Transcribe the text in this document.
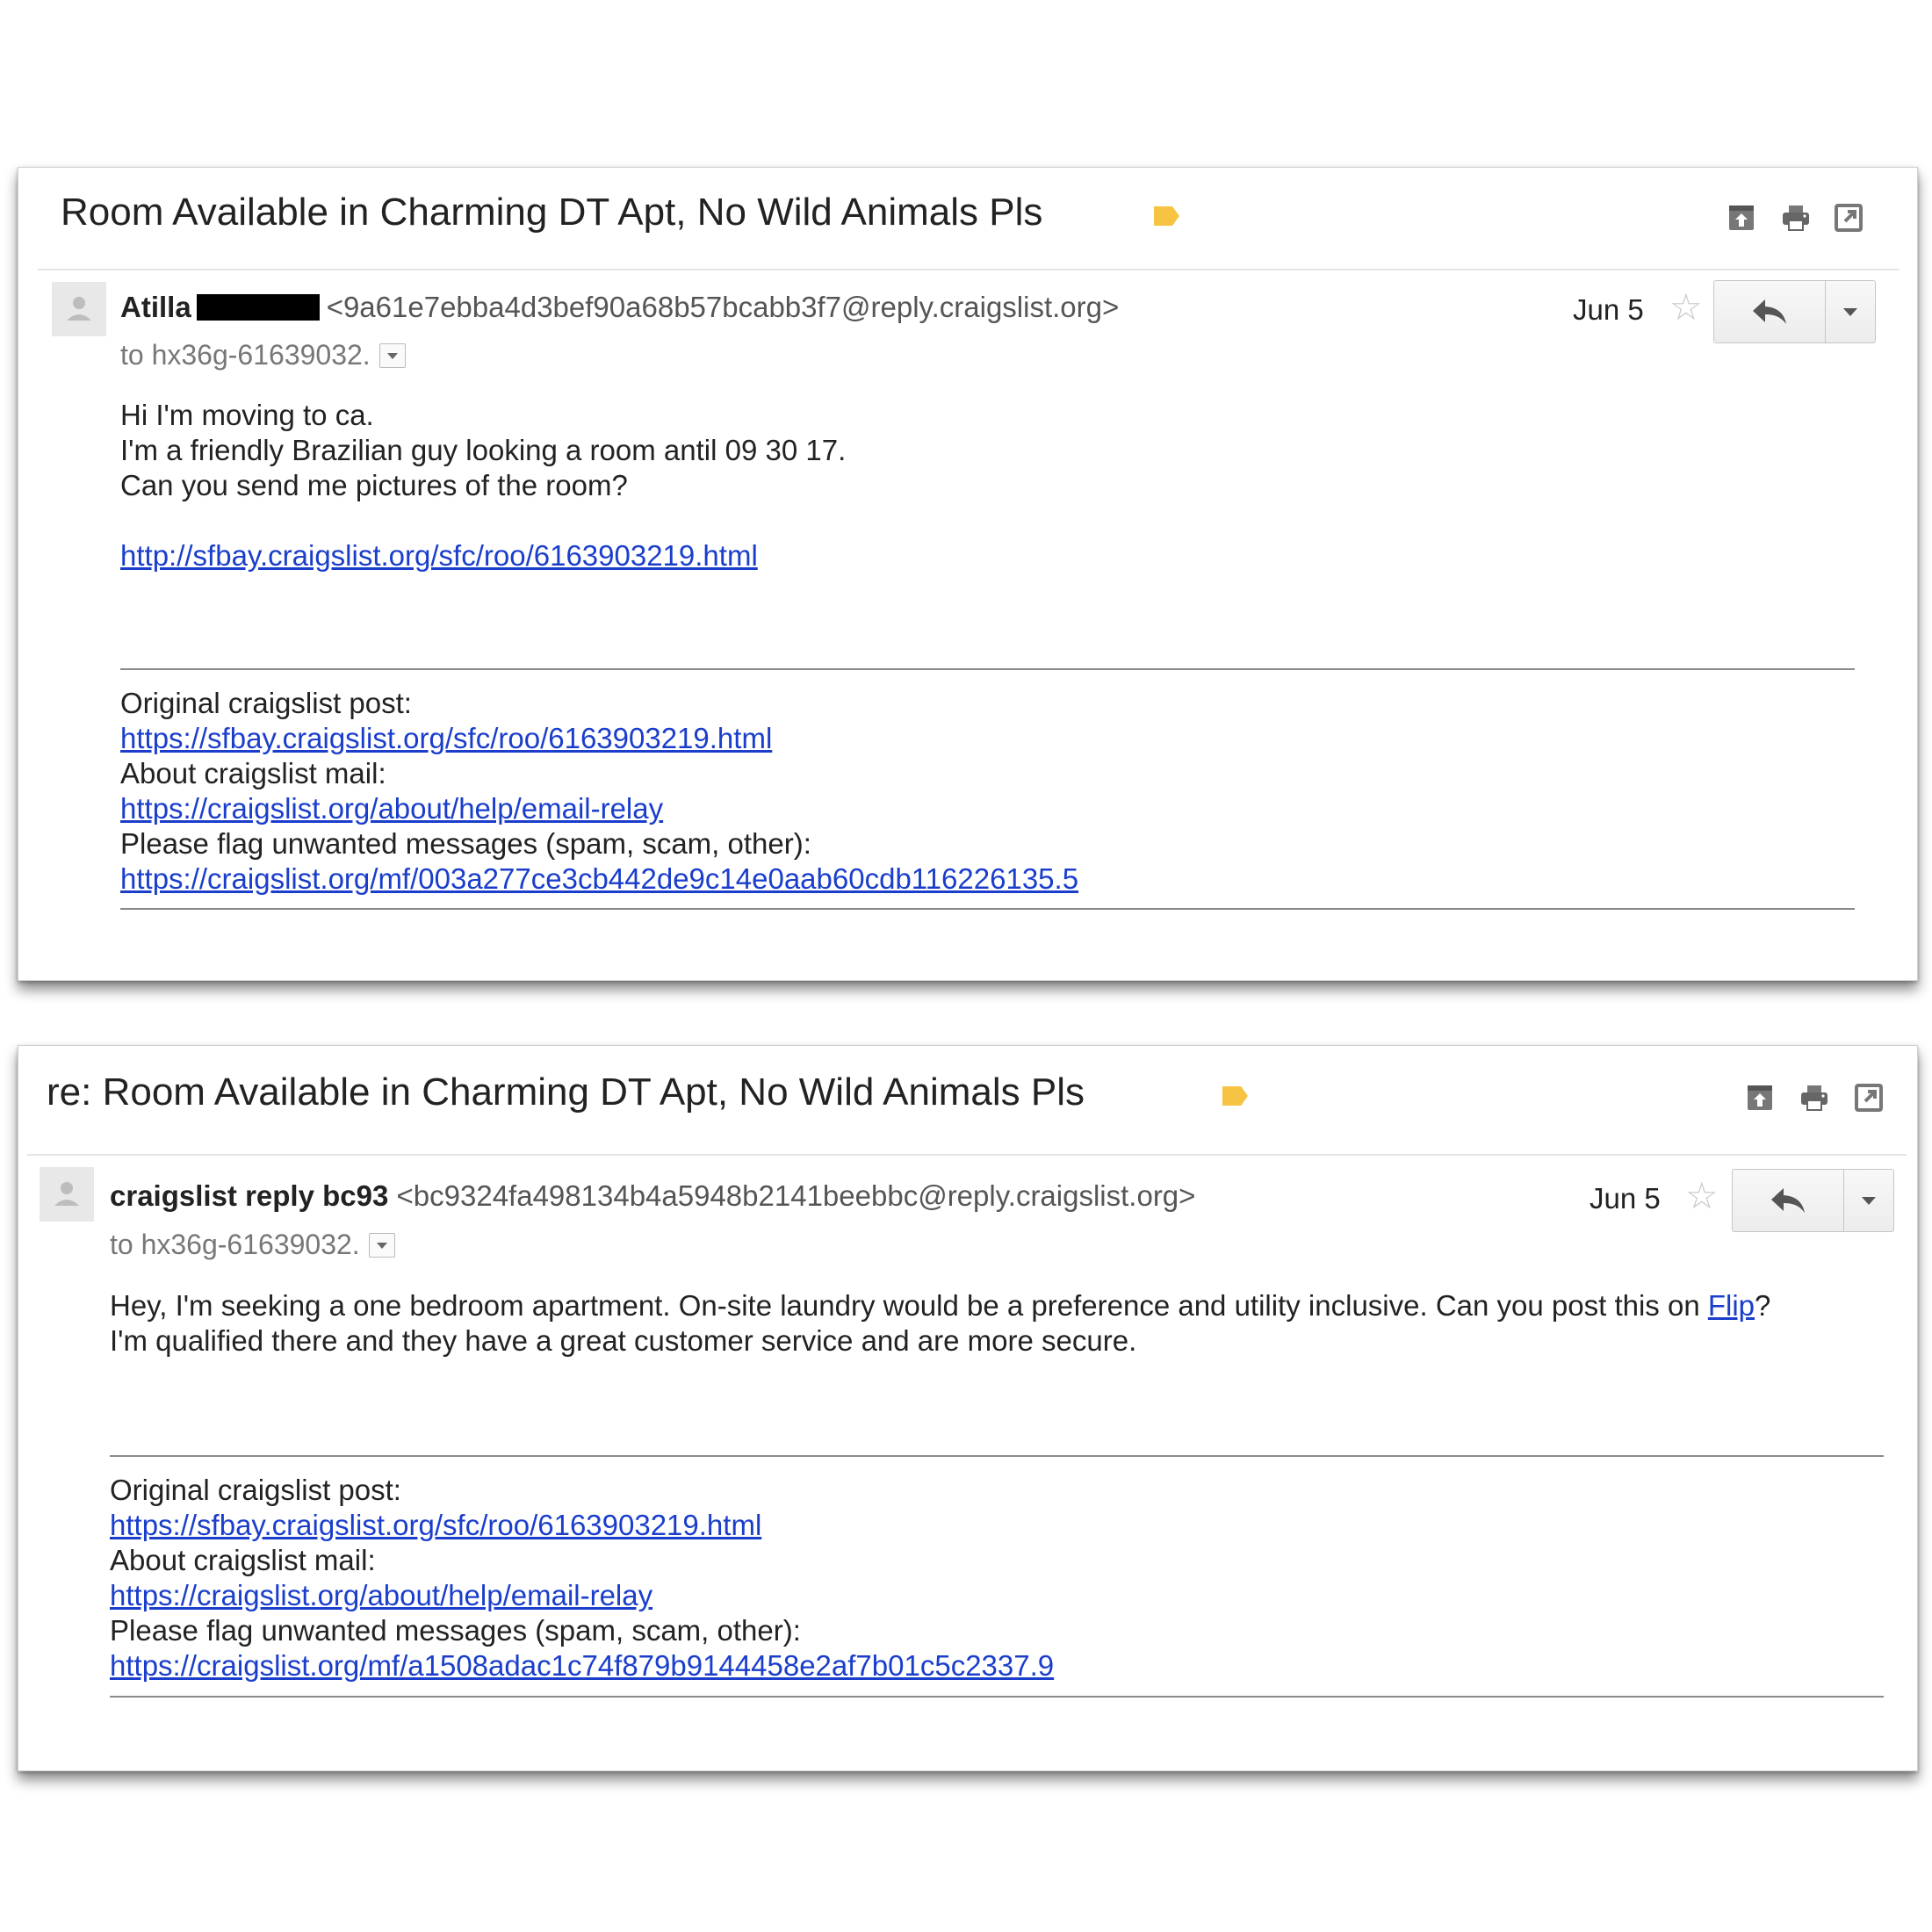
Room Available in Charming DT Apt, No Wild Animals Pls
Atilla	<9a61e7ebba4d3bef90a68b57bcabb3f7@reply.craigslist.org>
to hx36g-61639032.
Jun 5 ☆

Hi I'm moving to ca.

I'm a friendly Brazilian guy looking a room antil 09 30 17.

Can you send me pictures of the room?

http://sfbay.craigslist.org/sfc/roo/6163903219.html

Original craigslist post:
https://sfbay.craigslist.org/sfc/roo/6163903219.html
About craigslist mail:
https://craigslist.org/about/help/email-relay
Please flag unwanted messages (spam, scam, other):
https://craigslist.org/mf/003a277ce3cb442de9c14e0aab60cdb116226135.5
re: Room Available in Charming DT Apt, No Wild Animals Pls
craigslist reply bc93 <bc9324fa498134b4a5948b2141beebbc@reply.craigslist.org>
to hx36g-61639032.
Jun 5 ☆

Hey, I'm seeking a one bedroom apartment. On-site laundry would be a preference and utility inclusive. Can you post this on Flip?

I'm qualified there and they have a great customer service and are more secure.

Original craigslist post:
https://sfbay.craigslist.org/sfc/roo/6163903219.html
About craigslist mail:
https://craigslist.org/about/help/email-relay
Please flag unwanted messages (spam, scam, other):
https://craigslist.org/mf/a1508adac1c74f879b9144458e2af7b01c5c2337.9
